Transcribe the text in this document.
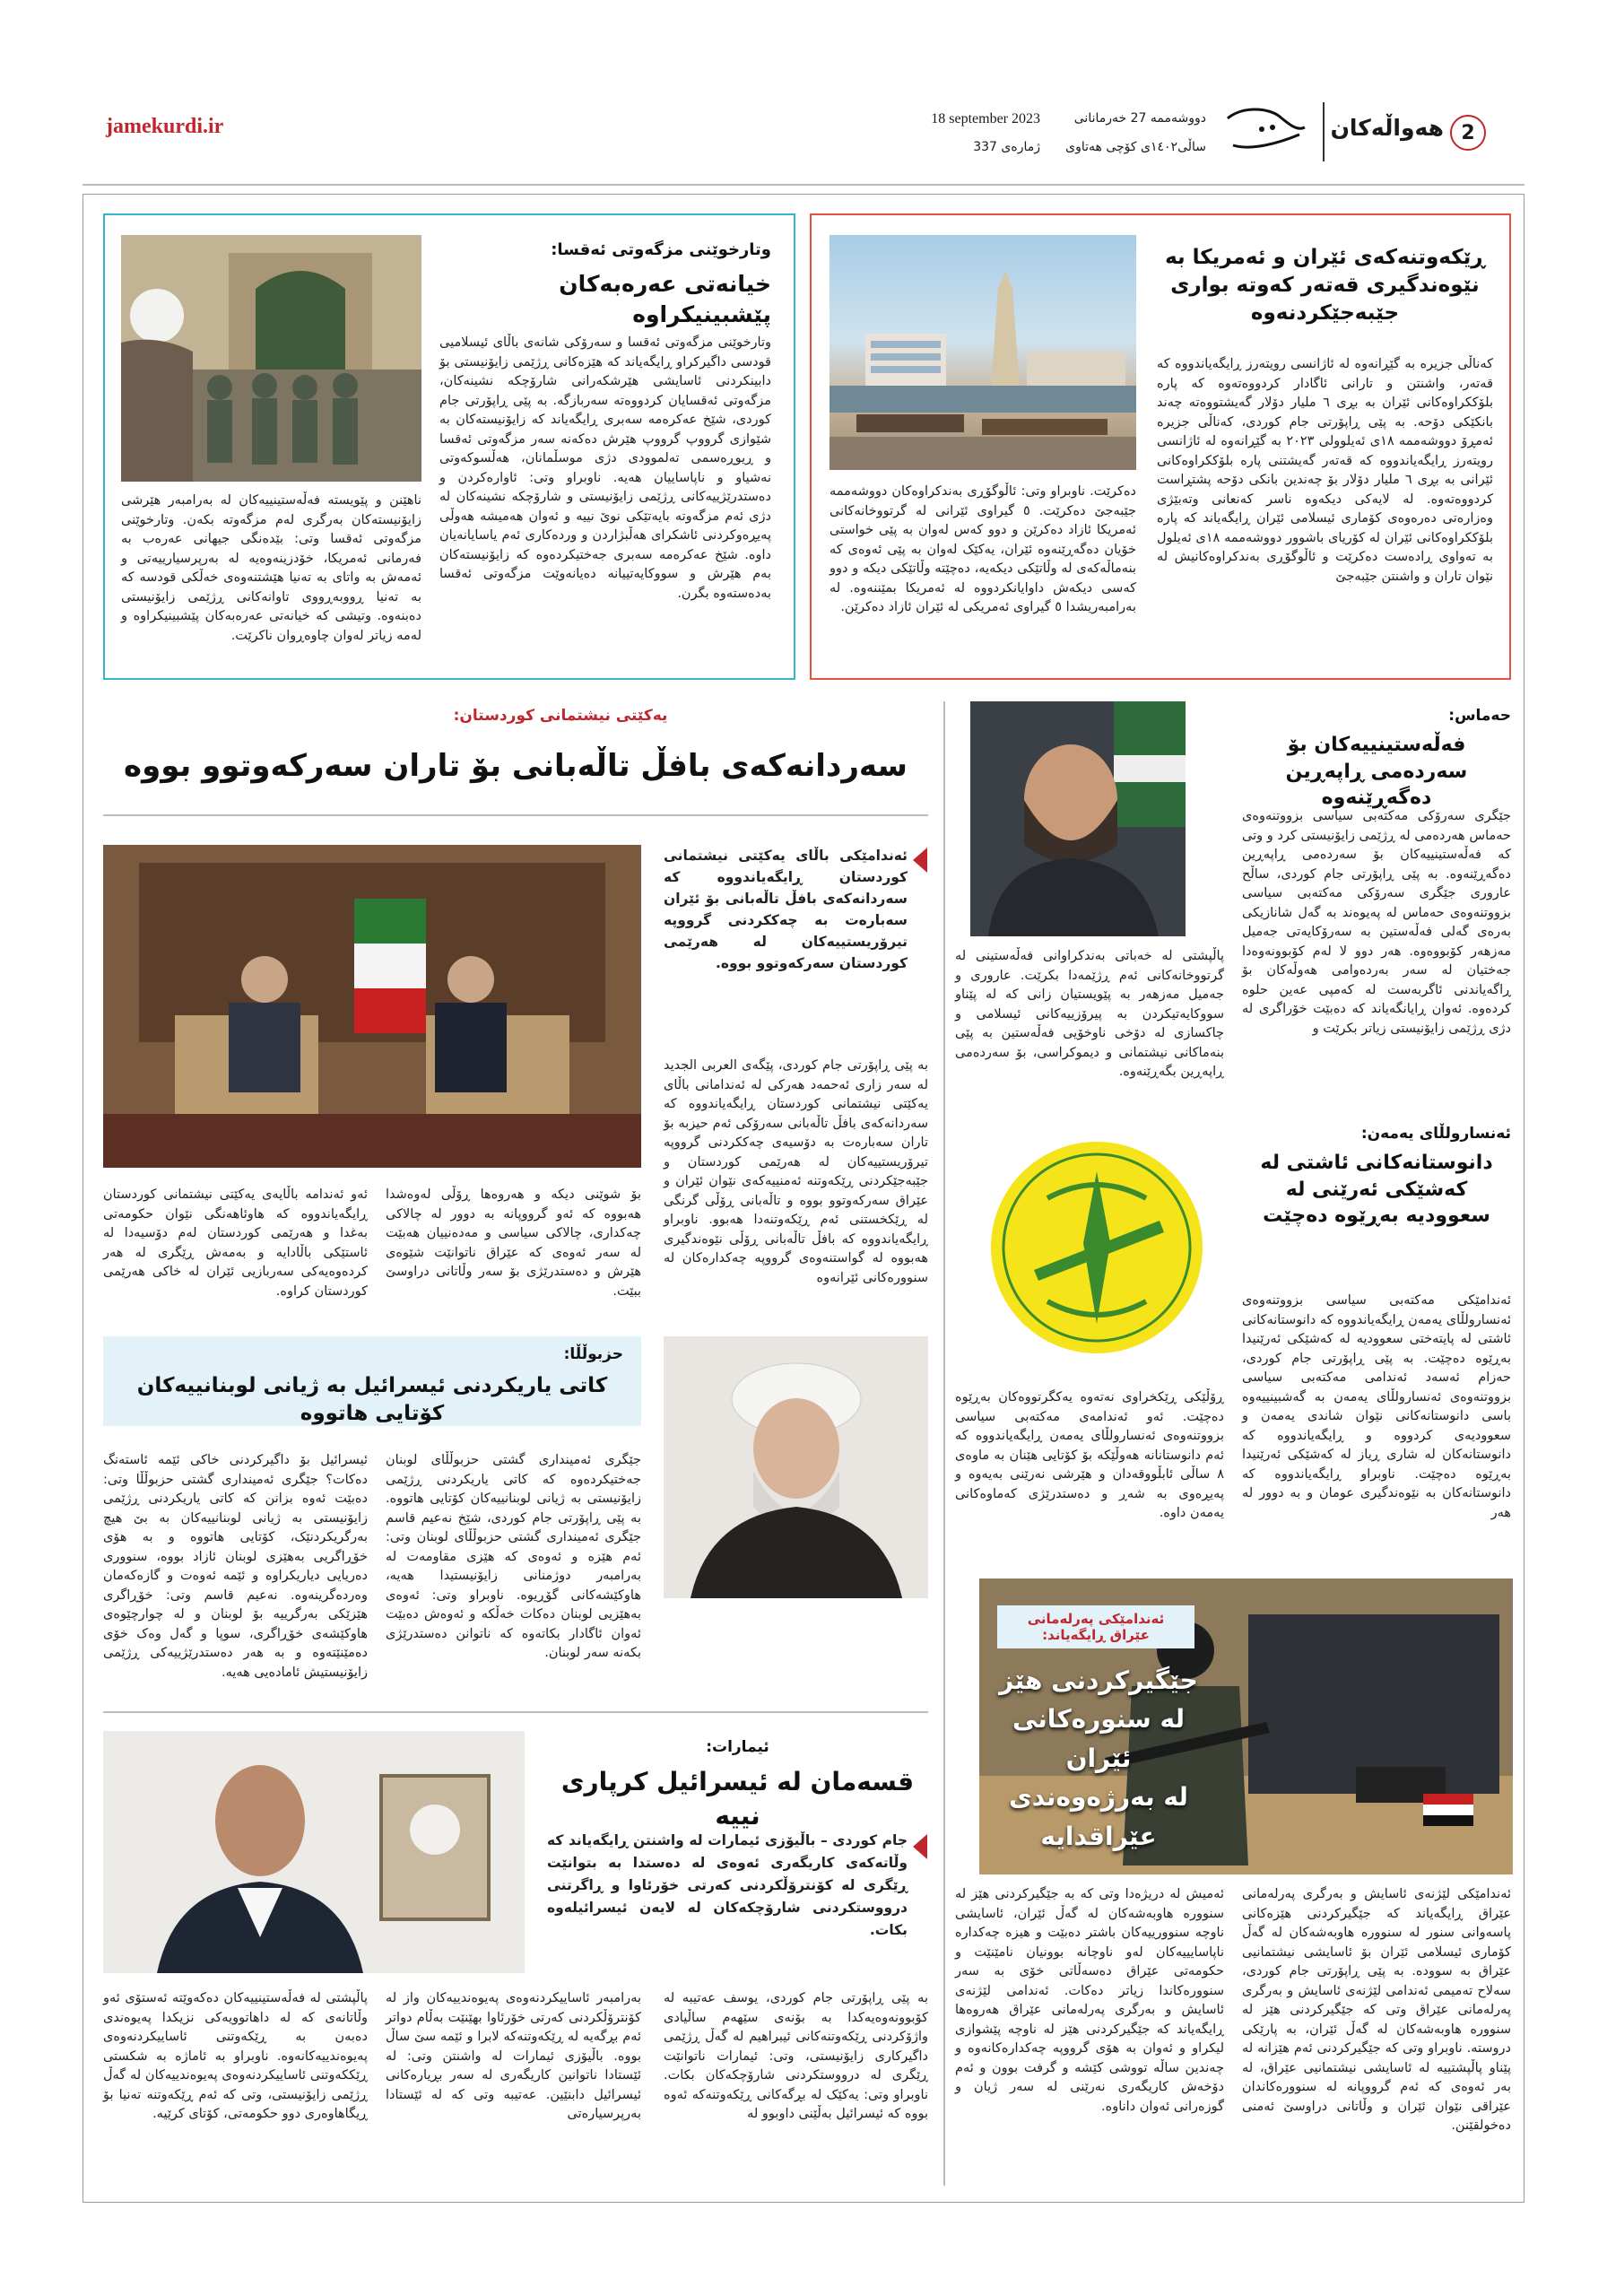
2
هەواڵەکان
دووشەممە 27 خەرمانانی
ساڵی١٤٠٢ی کۆچی هەتاوی
18 september 2023
ژمارەی 337
jamekurdi.ir
ڕێکەوتنەکەی ئێران و ئەمریکا بە نێوەندگیری قەتەر کەوتە بواری جێبەجێکردنەوە
کەناڵی جزیرە بە گێڕانەوە لە ئاژانسی رویتەرز ڕایگەیاندووە کە قەتەر، واشنتن و تارانی ئاگادار کردووەتەوە کە پارە بلۆککراوەکانی ئێران بە بڕی ٦ ملیار دۆلار گەیشتووەتە چەند بانکێکی دۆحە. بە پێی ڕاپۆرتی جام کوردی، کەناڵی جزیرە ئەمڕۆ دووشەممە ١٨ی ئەیلوولی ٢٠٢٣ بە گێڕانەوە لە ئاژانسی رویتەرز ڕایگەیاندووە کە قەتەر گەیشتنی پارە بلۆککراوەکانی ئێرانی بە بڕی ٦ ملیار دۆلار بۆ چەندین بانکی دۆحە پشتڕاست کردووەتەوە. لە لایەکی دیکەوە ناسر کەنعانی وتەبێژی وەزارەتی دەرەوەی کۆماری ئیسلامی ئێران ڕایگەیاند کە پارە بلۆککراوەکانی ئێران لە کۆریای باشوور دووشەممە ١٨ی ئەیلول بە تەواوی ڕادەست دەکرێت و ئاڵوگۆڕی بەندکراوەکانیش لە نێوان تاران و واشنتن جێبەجێ
دەکرێت. ناوبراو وتی: ئاڵوگۆڕی بەندکراوەکان دووشەممە جێبەجێ دەکرێت. ٥ گیراوی ئێرانی لە گرتووخانەکانی ئەمریکا ئازاد دەکرێن و دوو کەس لەوان بە پێی خواستی خۆیان دەگەڕێنەوە ئێران، یەکێک لەوان بە پێی ئەوەی کە بنەماڵەکەی لە وڵاتێکی دیکەیە، دەچێتە وڵاتێکی دیکە و دوو کەسی دیکەش داوایانکردووە لە ئەمریکا بمێننەوە. لە بەرامبەریشدا ٥ گیراوی ئەمریکی لە ئێران ئازاد دەکرێن.
وتارخوێنی مزگەوتی ئەقسا:
خیانەتی عەرەبەکان پێشبینیکراوە
وتارخوێنی مزگەوتی ئەقسا و سەرۆکی شانەی باڵای ئیسلامیی قودسی داگیرکراو ڕایگەیاند کە هێزەکانی ڕژێمی زایۆنیستی بۆ دابینکردنی ئاسایشی هێرشکەرانی شارۆچکە نشینەکان، مزگەوتی ئەقسایان کردووەتە سەربازگە. بە پێی ڕاپۆرتی جام کوردی، شێخ عەکرەمە سەبری ڕایگەیاند کە زایۆنیستەکان بە شێوازی گرووپ گرووپ هێرش دەکەنە سەر مزگەوتی ئەقسا و ڕیوڕەسمی تەلموودی دژی موسڵمانان، هەڵسوکەوتی نەشیاو و ناپاساییان هەیە. ناوبراو وتی: ئاوارەکردن و دەستدرێژییەکانی ڕژێمی زایۆنیستی و شارۆچکە نشینەکان لە دژی ئەم مزگەوتە بایەتێکی نوێ نییە و ئەوان هەمیشە هەوڵی پەیڕەوکردنی ئاشکرای هەڵبژاردن و وردەکاری ئەم یاسایانەیان داوە. شێخ عەکرەمە سەبری جەختیکردەوە کە زایۆنیستەکان بەم هێرش و سووکایەتییانە دەیانەوێت مزگەوتی ئەقسا بەدەستەوە بگرن.
ناهێنن و پێویستە فەڵەستینییەکان لە بەرامبەر هێرشی زایۆنیستەکان بەرگری لەم مزگەوتە بکەن. وتارخوێنی مزگەوتی ئەقسا وتی: بێدەنگی جیهانی عەرەب بە فەرمانی ئەمریکا، خۆدزینەوەیە لە بەرپرسیارییەتی و ئەمەش بە واتای بە تەنیا هێشتنەوەی خەڵکی قودسە کە بە تەنیا ڕووبەڕووی تاوانەکانی ڕژێمی زایۆنیستی دەبنەوە. وتیشی کە خیانەتی عەرەبەکان پێشبینیکراوە و لەمە زیاتر لەوان چاوەڕوان ناکرێت.
حەماس:
فەڵەستینییەکان بۆ سەردەمی ڕاپەڕین دەگەڕێنەوە
جێگری سەرۆکی مەکتەبی سیاسی بزووتنەوەی حەماس هەردەمی لە ڕژێمی زایۆنیستی کرد و وتی کە فەڵەستینییەکان بۆ سەردەمی ڕاپەڕین دەگەڕێنەوە. بە پێی ڕاپۆرتی جام کوردی، ساڵح عاروری جێگری سەرۆکی مەکتەبی سیاسی بزووتنەوەی حەماس لە پەیوەند بە گەل شانازیکی بەرەی گەلی فەڵەستین بە سەرۆکایەتی جەمیل مەزهەر کۆبووەوە. هەر دوو لا لەم کۆبوونەوەدا جەختیان لە سەر بەردەوامی هەوڵەکان بۆ ڕاگەیاندنی ئاگربەست لە کەمپی عەین حلوە کردەوە. ئەوان ڕایانگەیاند کە دەبێت خۆراگری لە دژی ڕژێمی زایۆنیستی زیاتر بکرێت و
پاڵپشتی لە خەباتی بەندکراوانی فەڵەستینی لە گرتووخانەکانی ئەم ڕژێمەدا بکرێت. عاروری و جەمیل مەزهەر بە پێویستیان زانی کە لە پێناو سووکایەتیکردن بە پیرۆزییەکانی ئیسلامی و چاکسازی لە دۆخی ناوخۆیی فەڵەستین بە پێی بنەماکانی نیشتمانی و دیموکراسی، بۆ سەردەمی ڕاپەڕین بگەڕێنەوە.
ئەنسارولڵای یەمەن:
دانوستانەکانی ئاشتی لە کەشێکی ئەرێنی لە سعوودیە بەڕێوە دەچێت
ئەندامێکی مەکتەبی سیاسی بزووتنەوەی ئەنسارولڵای یەمەن ڕایگەیاندووە کە دانوستانەکانی ئاشتی لە پایتەختی سعوودیە لە کەشێکی ئەرێنیدا بەڕێوە دەچێت. بە پێی ڕاپۆرتی جام کوردی، حەزام ئەسەد ئەندامی مەکتەبی سیاسی بزووتنەوەی ئەنسارولڵای یەمەن بە گەشبینییەوە باسی دانوستانەکانی نێوان شاندی یەمەن و سعوودیەی کردووە و ڕایگەیاندووە کە دانوستانەکان لە شاری ڕیاز لە کەشێکی ئەرێنیدا بەڕێوە دەچێت. ناوبراو ڕایگەیاندووە کە دانوستانەکان بە نێوەندگیری عومان و بە دوور لە هەر
ڕۆڵێکی ڕێکخراوی نەتەوە یەکگرتووەکان بەڕێوە دەچێت. ئەو ئەندامەی مەکتەبی سیاسی بزووتنەوەی ئەنسارولڵای یەمەن ڕایگەیاندووە کە ئەم دانوستانانە هەوڵێکە بۆ کۆتایی هێنان بە ماوەی ٨ ساڵی ئابڵووقەدان و هێرشی نەرێنی بەیەوە و پەیڕەوی بە شەڕ و دەستدرێژی کەماوەکانی یەمەن داوە.
ئەندامێکی پەرلەمانی
عێراق ڕایگەیاند:
جێگیرکردنی هێز
لە سنورەکانی ئێران
لە بەرژەوەندی
عێراقدایە
ئەندامێکی لێژنەی ئاسایش و بەرگری پەرلەمانی عێراق ڕایگەیاند کە جێگیرکردنی هێزەکانی پاسەوانی سنور لە سنوورە هاوبەشەکان لە گەڵ کۆماری ئیسلامی ئێران بۆ ئاسایشی نیشتمانیی عێراق بە سوودە. بە پێی ڕاپۆرتی جام کوردی، سەلاح تەمیمی ئەندامی لێژنەی ئاسایش و بەرگری پەرلەمانی عێراق وتی کە جێگیرکردنی هێز لە سنوورە هاوبەشەکان لە گەڵ ئێران، بە پارێکی دروستە. ناوبراو وتی کە جێگیرکردنی ئەم هێزانە لە پێناو پاڵپشتییە لە ئاسایشی نیشتمانیی عێراق، لە بەر ئەوەی کە ئەم گرووپانە لە سنوورەکاندان عێراقی نێوان ئێران و وڵاتانی دراوسێ ئەمنی دەخولقێنن.
ئەمیش لە دریژەدا وتی کە بە جێگیرکردنی هێز لە سنوورە هاوبەشەکان لە گەڵ ئێران، ئاسایشی ناوچە سنوورییەکان باشتر دەبێت و هیزە چەکدارە ناپاسایییەکان لەو ناوچانە بوونیان نامێنێت و حکومەتی عێراق دەسەڵاتی خۆی بە سەر سنوورەکاندا زیاتر دەکات. ئەندامی لێژنەی ئاسایش و بەرگری پەرلەمانی عێراق هەروەها ڕایگەیاند کە جێگیرکردنی هێز لە ناوچە پێشوازی لیکراو و ئەوان بە هۆی گرووپە چەکدارەکانەوە و چەندین ساڵە تووشی کێشە و گرفت بوون و ئەم دۆخەش کاریگەری نەرێنی لە سەر ژیان و گوزەرانی ئەوان داناوە.
یەکێتی نیشتمانی کوردستان:
سەردانەکەی بافڵ تاڵەبانی بۆ تاران سەرکەوتوو بووە
ئەندامێکی باڵای یەکێتی نیشتمانی کوردستان ڕایگەیاندووە کە سەردانەکەی بافڵ تاڵەبانی بۆ ئێران سەبارەت بە چەککردنی گرووپە تیرۆریستییەکان لە هەرێمی کوردستان سەرکەوتوو بووە.
بە پێی ڕاپۆرتی جام کوردی، پێگەی العربی الجدید لە سەر زاری ئەحمەد هەرکی لە ئەندامانی باڵای یەکێتی نیشتمانی کوردستان ڕایگەیاندووە کە سەردانەکەی بافڵ تاڵەبانی سەرۆکی ئەم حیزبە بۆ تاران سەبارەت بە دۆسیەی چەککردنی گرووپە تیرۆریستییەکان لە هەرێمی کوردستان و جێبەجێکردنی ڕێکەوتنە ئەمنییەکەی نێوان ئێران و عێراق سەرکەوتوو بووە و تاڵەبانی ڕۆڵی گرنگی لە ڕێکخستنی ئەم ڕێکەوتنەدا هەبوو. ناوبراو ڕایگەیاندووە کە بافڵ تاڵەبانی ڕۆڵی نێوەندگیری هەبووە لە گواستنەوەی گرووپە چەکدارەکان لە سنوورەکانی ئێرانەوە
بۆ شوێنی دیکە و هەروەها ڕۆڵی لەوەشدا هەبووە کە ئەو گرووپانە بە دوور لە چالاکی چەکداری، چالاکی سیاسی و مەدەنییان هەبێت لە سەر ئەوەی کە عێراق ناتوانێت شێوەی هێرش و دەستدرێژی بۆ سەر وڵاتانی دراوسێ ببێت.
ئەو ئەندامە باڵایەی یەکێتی نیشتمانی کوردستان ڕایگەیاندووە کە هاوئاهەنگی نێوان حکومەتی بەغدا و هەرێمی کوردستان لەم دۆسیەدا لە ئاستێکی باڵادایە و بەمەش ڕێگری لە هەر کردەوەیەکی سەربازیی ئێران لە خاکی هەرێمی کوردستان کراوە.
حزبوڵڵا:
کاتی یاریکردنی ئیسرائیل بە ژیانی لوبنانییەکان کۆتایی هاتووە
جێگری ئەمینداری گشتی حزبوڵڵای لوبنان جەختیکردەوە کە کاتی یاریکردنی ڕژێمی زایۆنیستی بە ژیانی لوبنانییەکان کۆتایی هاتووە. بە پێی ڕاپۆرتی جام کوردی، شێخ نەعیم قاسم جێگری ئەمینداری گشتی حزبوڵڵای لوبنان وتی: ئەم هێزە و ئەوەی کە هێزی مقاومەت لە بەرامبەر دوژمنانی زایۆنیستیدا هەیە، هاوکێشەکانی گۆڕیوە. ناوبراو وتی: ئەوەی بەهێزیی لوبنان دەکات خەڵکە و ئەوەش دەبێت ئەوان ئاگادار بکاتەوە کە ناتوانن دەستدرێژی بکەنە سەر لوبنان.
ئیسرائیل بۆ داگیرکردنی خاکی ئێمە ئاستەنگ دەکات؟ جێگری ئەمینداری گشتی حزبوڵڵا وتی: دەبێت ئەوە بزانن کە کاتی یاریکردنی ڕژێمی زایۆنیستی بە ژیانی لوبنانییەکان بە بێ هیچ بەرگریکردنێک، کۆتایی هاتووە و بە هۆی خۆڕاگریی بەهێزی لوبنان ئازاد بووە، سنووری دەریایی دیاریکراوە و ئێمە ئەوەت و گازەکەمان وەردەگرینەوە. نەعیم قاسم وتی: خۆڕاگری هێزێکی بەرگرییە بۆ لوبنان و لە چوارچێوەی هاوکێشەی خۆڕاگری، سوپا و گەل وەک خۆی دەمێنێتەوە و بە هەر دەستدرێژییەکی ڕژێمی زایۆنیستیش ئامادەیی هەیە.
ئیمارات:
قسەمان لە ئیسرائیل کرپاری نییە
جام کوردی – باڵیۆزی ئیمارات لە واشنتن ڕایگەیاند کە وڵاتەکەی کاریگەری ئەوەی لە دەستدا بە بتوانێت ڕێگری لە کۆنترۆڵکردنی کەرتی خۆرئاوا و ڕاگرتنی درووستکردنی شارۆچکەکان لە لایەن ئیسرائیلەوە بکات.
بە پێی ڕاپۆرتی جام کوردی، یوسف عەتیبە لە کۆبوونەوەیەکدا بە بۆنەی سێهەم ساڵیادی واژۆکردنی ڕێکەوتنەکانی ئیبراهیم لە گەڵ ڕژێمی داگیرکاری زایۆنیستی، وتی: ئیمارات ناتوانێت ڕێگری لە درووستکردنی شارۆچکەکان بکات. ناوبراو وتی: یەکێک لە بڕگەکانی ڕێکەوتنەکە ئەوە بووە کە ئیسرائیل بەڵێنی داوبوو لە
بەرامبەر ئاساییکردنەوەی پەیوەندییەکان واز لە کۆنترۆڵکردنی کەرتی خۆرئاوا بهێنێت بەڵام دواتر ئەم بڕگەیە لە ڕێکەوتنەکە لابرا و ئێمە سێ ساڵ بووە. باڵیۆزی ئیمارات لە واشنتن وتی: لە ئێستادا ناتوانین کاریگەری لە سەر بڕیارەکانی ئیسرائیل دابنێین. عەتیبە وتی کە لە ئێستادا بەرپرسیارەتی
پاڵپشتی لە فەڵەستینییەکان دەکەوێتە ئەستۆی ئەو وڵاتانەی کە لە داهاتوویەکی نزیکدا پەیوەندی دەبەن بە ڕێکەوتنی ئاساییکردنەوەی پەیوەندییەکانەوە. ناوبراو بە ئاماژە بە شکستی ڕێککەوتنی ئاساییکردنەوەی پەیوەندییەکان لە گەڵ ڕژێمی زایۆنیستی، وتی کە ئەم ڕێکەوتنە تەنیا بۆ ڕیگاهاوەری دوو حکومەتی، کۆتای کرێیە.
